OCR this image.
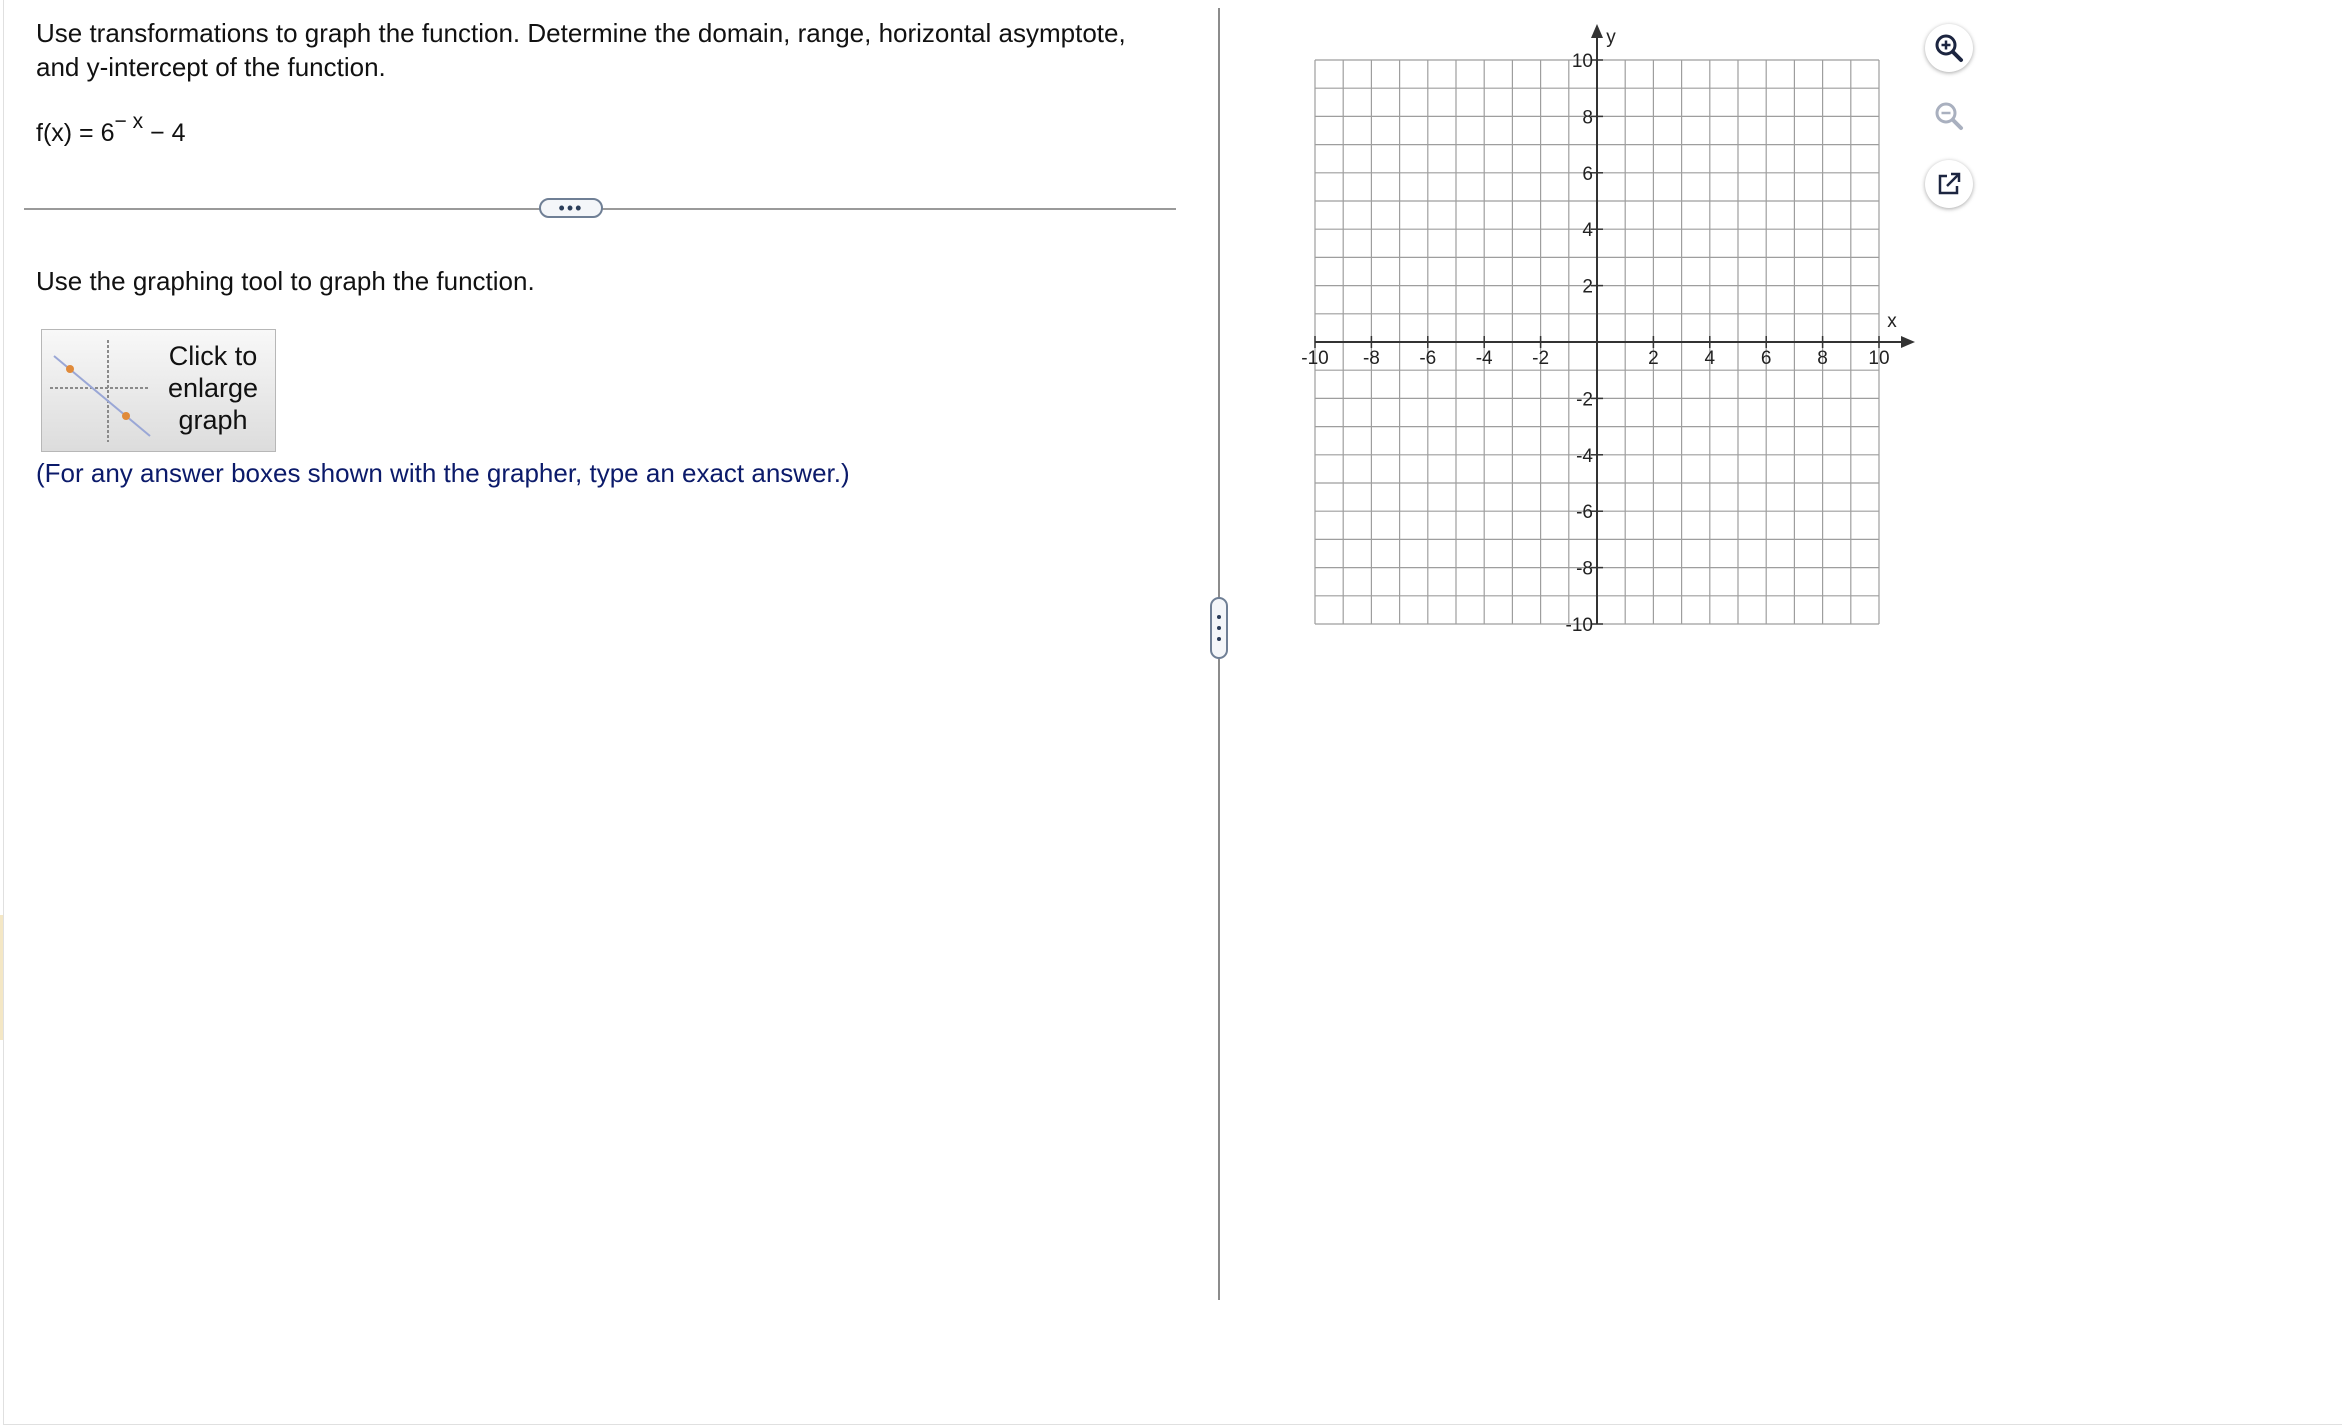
Use transformations to graph the function. Determine the domain, range, horizontal asymptote, and y-intercept of the function.
$f(x) = 6^{- x} - 4$
•••
Use the graphing tool to graph the function.
Click to enlarge graph
(For any answer boxes shown with the grapher, type an exact answer.)
-10 -8 -6 -4 -2	2 4 6 8 10
10
8
6
4
2
-2
-4
-6
-8
-10
x
y
